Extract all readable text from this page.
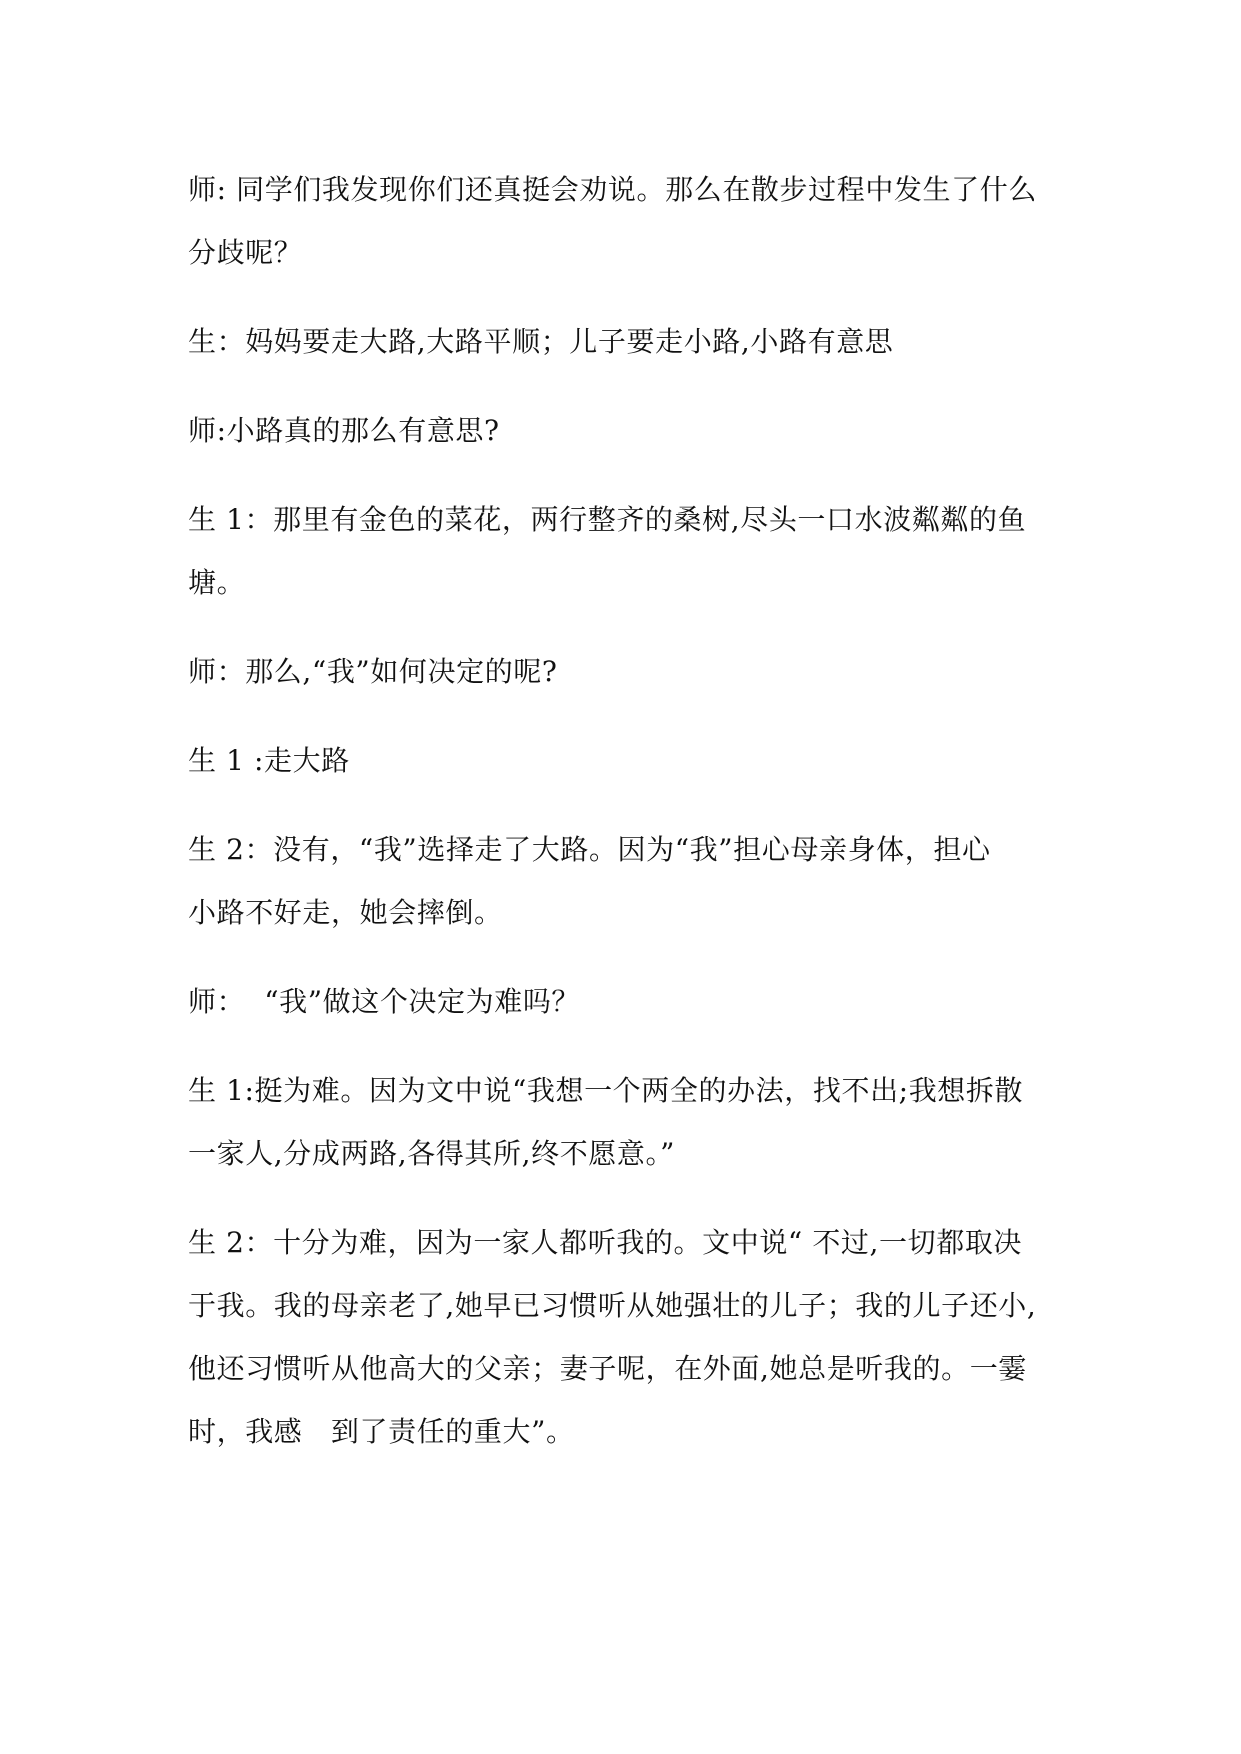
师: 同学们我发现你们还真挺会劝说。那么在散步过程中发生了什么
分歧呢？

生：妈妈要走大路,大路平顺；儿子要走小路,小路有意思

师:小路真的那么有意思?

生 1：那里有金色的菜花，两行整齐的桑树,尽头一口水波粼粼的鱼
塘。

师：那么,“我”如何决定的呢?

生 1 :走大路

生 2：没有，“我”选择走了大路。因为“我”担心母亲身体，担心
小路不好走，她会摔倒。

师：  “我”做这个决定为难吗？

生 1:挺为难。因为文中说“我想一个两全的办法，找不出;我想拆散
一家人,分成两路,各得其所,终不愿意。”

生 2：十分为难，因为一家人都听我的。文中说“ 不过,一切都取决
于我。我的母亲老了,她早已习惯听从她强壮的儿子；我的儿子还小,
他还习惯听从他高大的父亲；妻子呢，在外面,她总是听我的。一霎
时，我感   到了责任的重大”。
